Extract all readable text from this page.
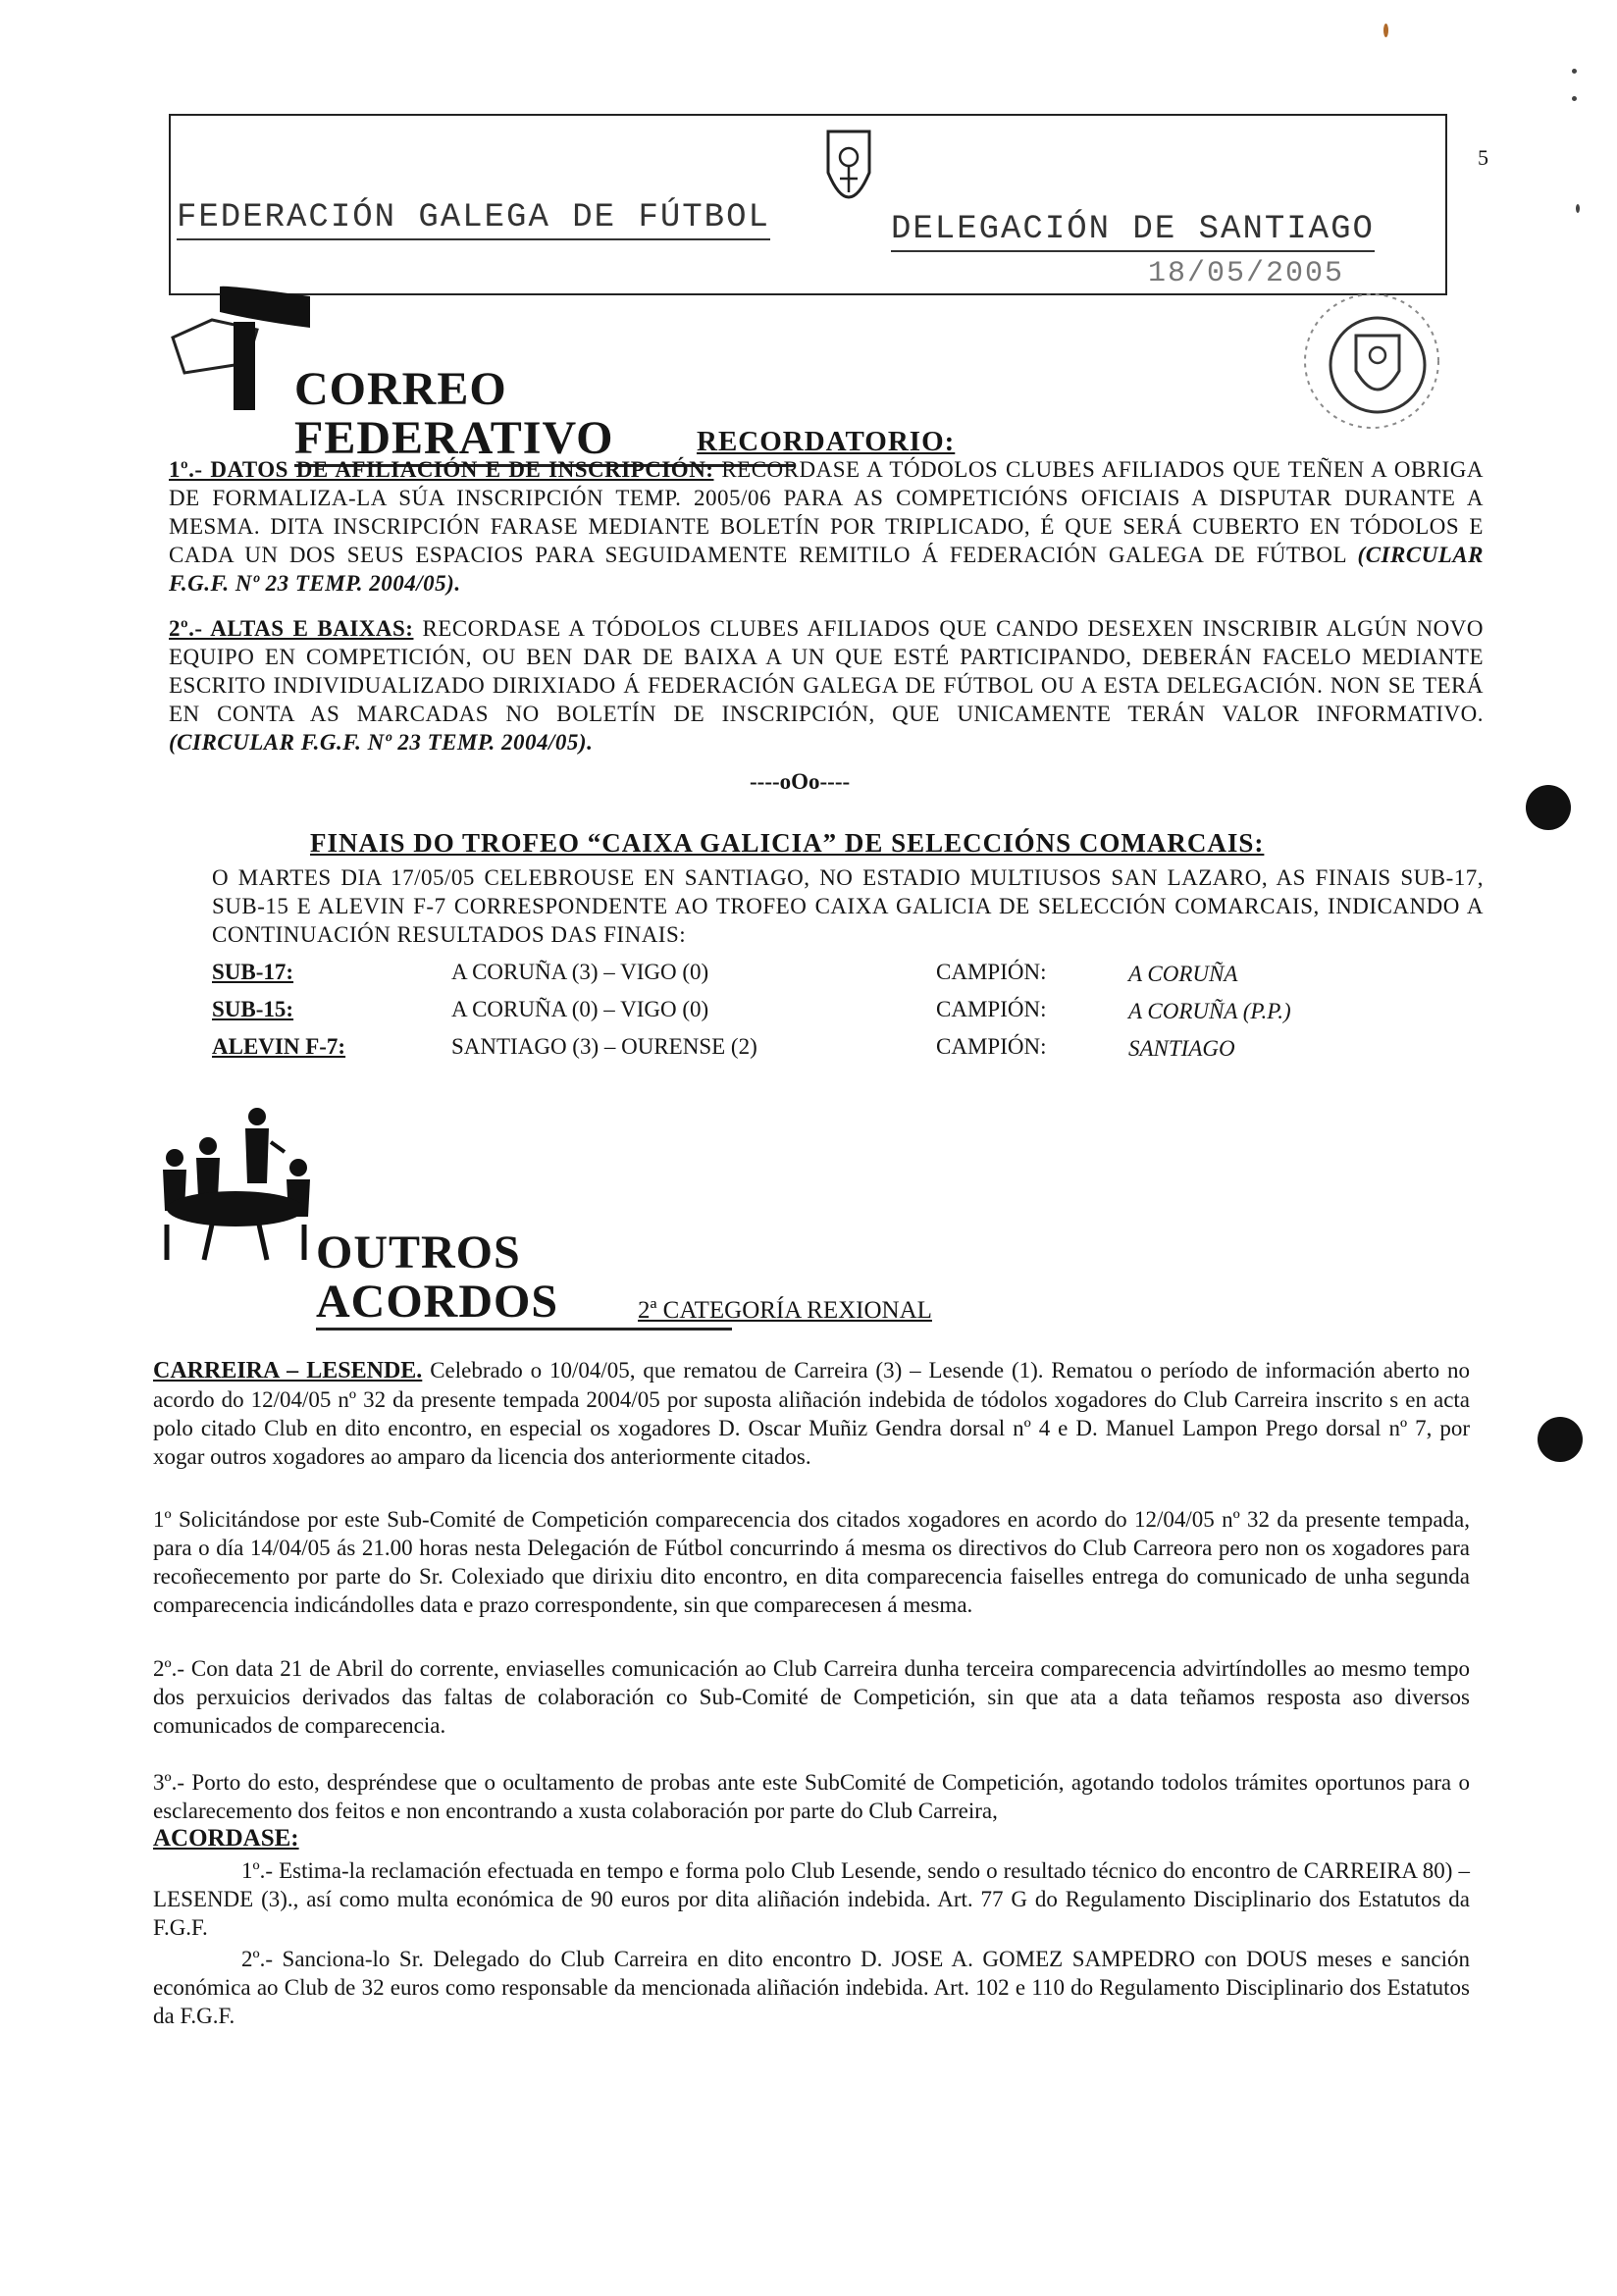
5
FEDERACIÓN GALEGA DE FÚTBOL	DELEGACIÓN DE SANTIAGO
18/05/2005
CORREO FEDERATIVO	RECORDATORIO:
1º.- DATOS DE AFILIACIÓN E DE INSCRIPCIÓN: RECORDASE A TÓDOLOS CLUBES AFILIADOS QUE TEÑEN A OBRIGA DE FORMALIZA-LA SÚA INSCRIPCIÓN TEMP. 2005/06 PARA AS COMPETICIÓNS OFICIAIS A DISPUTAR DURANTE A MESMA. DITA INSCRIPCIÓN FARASE MEDIANTE BOLETÍN POR TRIPLICADO, É QUE SERÁ CUBERTO EN TÓDOLOS E CADA UN DOS SEUS ESPACIOS PARA SEGUIDAMENTE REMITILO Á FEDERACIÓN GALEGA DE FÚTBOL (CIRCULAR F.G.F. Nº 23 TEMP. 2004/05).
2º.- ALTAS E BAIXAS: RECORDASE A TÓDOLOS CLUBES AFILIADOS QUE CANDO DESEXEN INSCRIBIR ALGÚN NOVO EQUIPO EN COMPETICIÓN, OU BEN DAR DE BAIXA A UN QUE ESTÉ PARTICIPANDO, DEBERÁN FACELO MEDIANTE ESCRITO INDIVIDUALIZADO DIRIXIADO Á FEDERACIÓN GALEGA DE FÚTBOL OU A ESTA DELEGACIÓN. NON SE TERÁ EN CONTA AS MARCADAS NO BOLETÍN DE INSCRIPCIÓN, QUE UNICAMENTE TERÁN VALOR INFORMATIVO. (CIRCULAR F.G.F. Nº 23 TEMP. 2004/05).
----oOo----
FINAIS DO TROFEO “CAIXA GALICIA” DE SELECCIÓNS COMARCAIS:
O MARTES DIA 17/05/05 CELEBROUSE EN SANTIAGO, NO ESTADIO MULTIUSOS SAN LAZARO, AS FINAIS SUB-17, SUB-15 E ALEVIN F-7 CORRESPONDENTE AO TROFEO CAIXA GALICIA DE SELECCIÓN COMARCAIS, INDICANDO A CONTINUACIÓN RESULTADOS DAS FINAIS:
SUB-17:	A CORUÑA (3) – VIGO (0)	CAMPIÓN:	A CORUÑA
SUB-15:	A CORUÑA (0) – VIGO (0)	CAMPIÓN:	A CORUÑA (P.P.)
ALEVIN F-7:	SANTIAGO (3) – OURENSE (2)	CAMPIÓN:	SANTIAGO
OUTROS ACORDOS	2ª CATEGORÍA REXIONAL
CARREIRA – LESENDE. Celebrado o 10/04/05, que rematou de Carreira (3) – Lesende (1). Rematou o período de información aberto no acordo do 12/04/05 nº 32 da presente tempada 2004/05 por suposta aliñación indebida de tódolos xogadores do Club Carreira inscrito s en acta polo citado Club en dito encontro, en especial os xogadores D. Oscar Muñiz Gendra dorsal nº 4 e D. Manuel Lampon Prego dorsal nº 7, por xogar outros xogadores ao amparo da licencia dos anteriormente citados.
1º Solicitándose por este Sub-Comité de Competición comparecencia dos citados xogadores en acordo do 12/04/05 nº 32 da presente tempada, para o día 14/04/05 ás 21.00 horas nesta Delegación de Fútbol concurrindo á mesma os directivos do Club Carreora pero non os xogadores para recoñecemento por parte do Sr. Colexiado que dirixiu dito encontro, en dita comparecencia faiselles entrega do comunicado de unha segunda comparecencia indicándolles data e prazo correspondente, sin que comparecesen á mesma.
2º.- Con data 21 de Abril do corrente, enviaselles comunicación ao Club Carreira dunha terceira comparecencia advirtíndolles ao mesmo tempo dos perxuicios derivados das faltas de colaboración co Sub-Comité de Competición, sin que ata a data teñamos resposta aso diversos comunicados de comparecencia.
3º.- Porto do esto, despréndese que o ocultamento de probas ante este SubComité de Competición, agotando todolos trámites oportunos para o esclarecemento dos feitos e non encontrando a xusta colaboración por parte do Club Carreira,
ACORDASE:
1º.- Estima-la reclamación efectuada en tempo e forma polo Club Lesende, sendo o resultado técnico do encontro de CARREIRA 80) – LESENDE (3)., así como multa económica de 90 euros por dita aliñación indebida. Art. 77 G do Regulamento Disciplinario dos Estatutos da F.G.F.
2º.- Sanciona-lo Sr. Delegado do Club Carreira en dito encontro D. JOSE A. GOMEZ SAMPEDRO con DOUS meses e sanción económica ao Club de 32 euros como responsable da mencionada aliñación indebida. Art. 102 e 110 do Regulamento Disciplinario dos Estatutos da F.G.F.
